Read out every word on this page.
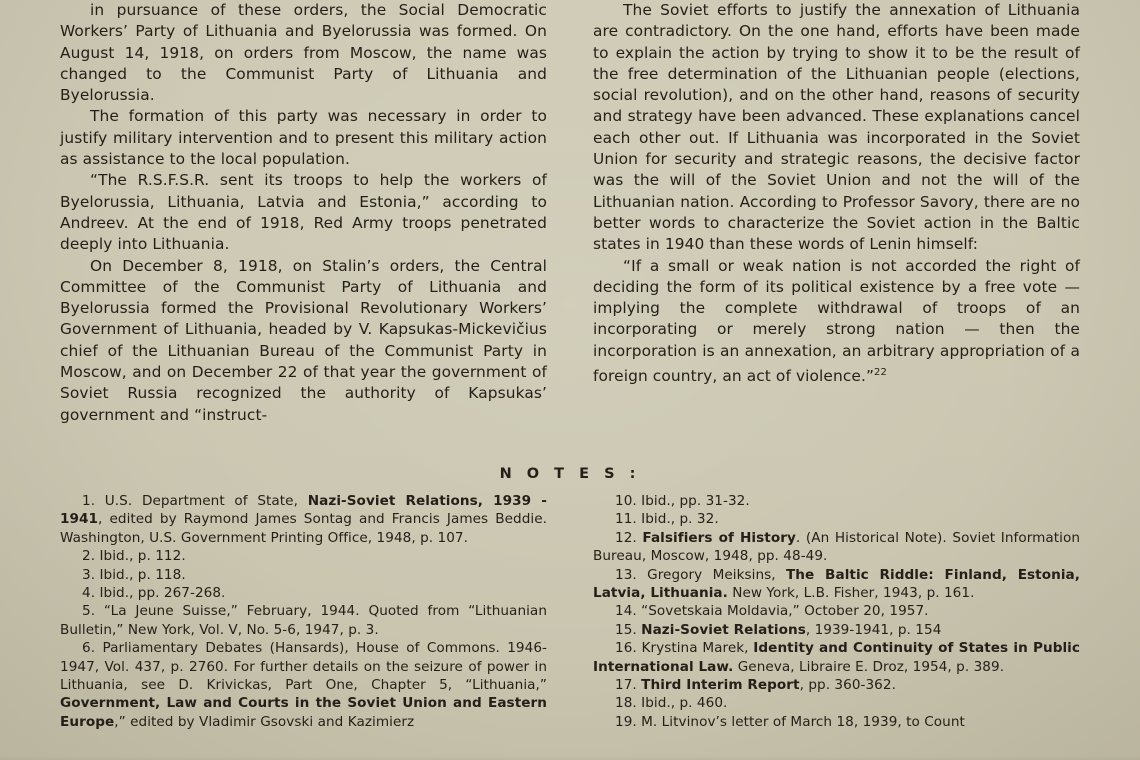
in pursuance of these orders, the Social Democratic Workers’ Party of Lithuania and Byelorussia was formed. On August 14, 1918, on orders from Moscow, the name was changed to the Communist Party of Lithuania and Byelorussia.

The formation of this party was necessary in order to justify military intervention and to present this military action as assistance to the local population.

“The R.S.F.S.R. sent its troops to help the workers of Byelorussia, Lithuania, Latvia and Estonia,” according to Andreev. At the end of 1918, Red Army troops penetrated deeply into Lithuania.

On December 8, 1918, on Stalin’s orders, the Central Committee of the Communist Party of Lithuania and Byelorussia formed the Provisional Revolutionary Workers’ Government of Lithuania, headed by V. Kapsukas-Mickevičius chief of the Lithuanian Bureau of the Communist Party in Moscow, and on December 22 of that year the government of Soviet Russia recognized the authority of Kapsukas’ government and “instruct-

The Soviet efforts to justify the annexation of Lithuania are contradictory. On the one hand, efforts have been made to explain the action by trying to show it to be the result of the free determination of the Lithuanian people (elections, social revolution), and on the other hand, reasons of security and strategy have been advanced. These explanations cancel each other out. If Lithuania was incorporated in the Soviet Union for security and strategic reasons, the decisive factor was the will of the Soviet Union and not the will of the Lithuanian nation. According to Professor Savory, there are no better words to characterize the Soviet action in the Baltic states in 1940 than these words of Lenin himself:

“If a small or weak nation is not accorded the right of deciding the form of its political existence by a free vote — implying the complete withdrawal of troops of an incorporating or merely strong nation — then the incorporation is an annexation, an arbitrary appropriation of a foreign country, an act of violence.”$^{22}$

N O T E S :

1. U.S. Department of State, Nazi-Soviet Relations, 1939 - 1941, edited by Raymond James Sontag and Francis James Beddie. Washington, U.S. Government Printing Office, 1948, p. 107.

2. Ibid., p. 112.

3. Ibid., p. 118.

4. Ibid., pp. 267-268.

5. “La Jeune Suisse,” February, 1944. Quoted from “Lithuanian Bulletin,” New York, Vol. V, No. 5-6, 1947, p. 3.

6. Parliamentary Debates (Hansards), House of Commons. 1946-1947, Vol. 437, p. 2760. For further details on the seizure of power in Lithuania, see D. Krivickas, Part One, Chapter 5, “Lithuania,” Government, Law and Courts in the Soviet Union and Eastern Europe,” edited by Vladimir Gsovski and Kazimierz

10. Ibid., pp. 31-32.

11. Ibid., p. 32.

12. Falsifiers of History. (An Historical Note). Soviet Information Bureau, Moscow, 1948, pp. 48-49.

13. Gregory Meiksins, The Baltic Riddle: Finland, Estonia, Latvia, Lithuania. New York, L.B. Fisher, 1943, p. 161.

14. “Sovetskaia Moldavia,” October 20, 1957.

15. Nazi-Soviet Relations, 1939-1941, p. 154

16. Krystina Marek, Identity and Continuity of States in Public International Law. Geneva, Libraire E. Droz, 1954, p. 389.

17. Third Interim Report, pp. 360-362.

18. Ibid., p. 460.

19. M. Litvinov’s letter of March 18, 1939, to Count
